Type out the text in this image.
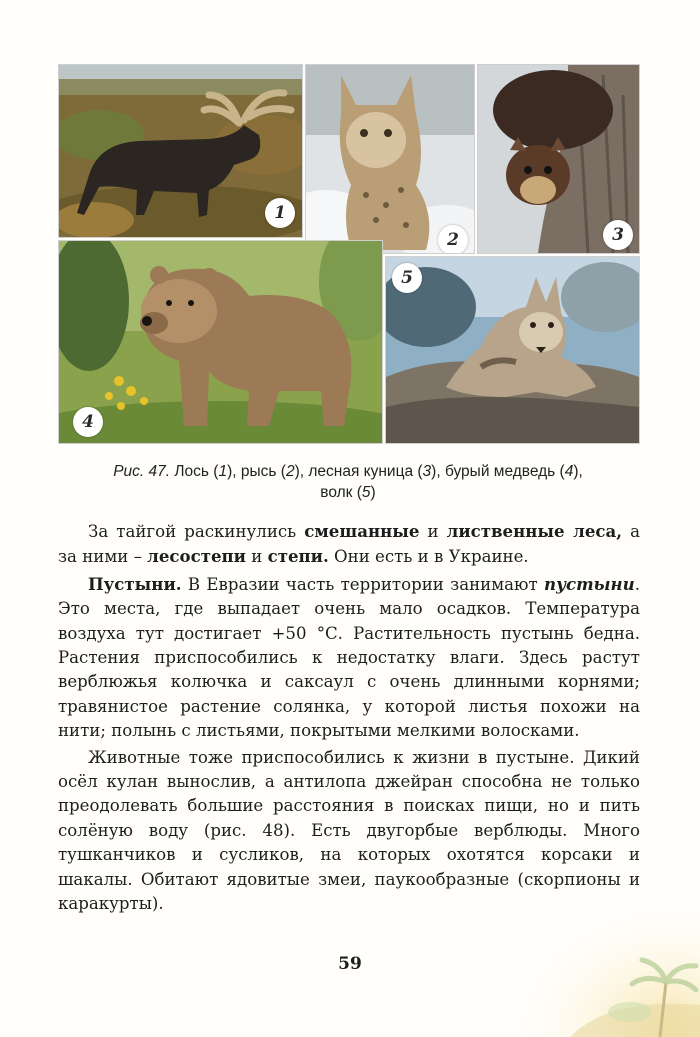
1
2	3
4
5
Рис. 47. Лось (1), рысь (2), лесная куница (3), бурый медведь (4),
волк (5)

За тайгой раскинулись смешанные и лиственные леса, а за ними – лесостепи и степи. Они есть и в Украине.

Пустыни. В Евразии часть территории занимают пустыни. Это места, где выпадает очень мало осадков. Температура воздуха тут достигает +50 °С. Растительность пустынь бедна. Растения приспособились к недостатку влаги. Здесь растут верблюжья колючка и саксаул с очень длинными корнями; травянистое растение солянка, у которой листья похожи на нити; полынь с листьями, покрытыми мелкими волосками.

Животные тоже приспособились к жизни в пустыне. Дикий осёл кулан вынослив, а антилопа джейран способна не только преодолевать большие расстояния в поисках пищи, но и пить солёную воду (рис. 48). Есть двугорбые верблюды. Много тушканчиков и сусликов, на которых охотятся корсаки и шакалы. Обитают ядовитые змеи, паукообразные (скорпионы и каракурты).

59
